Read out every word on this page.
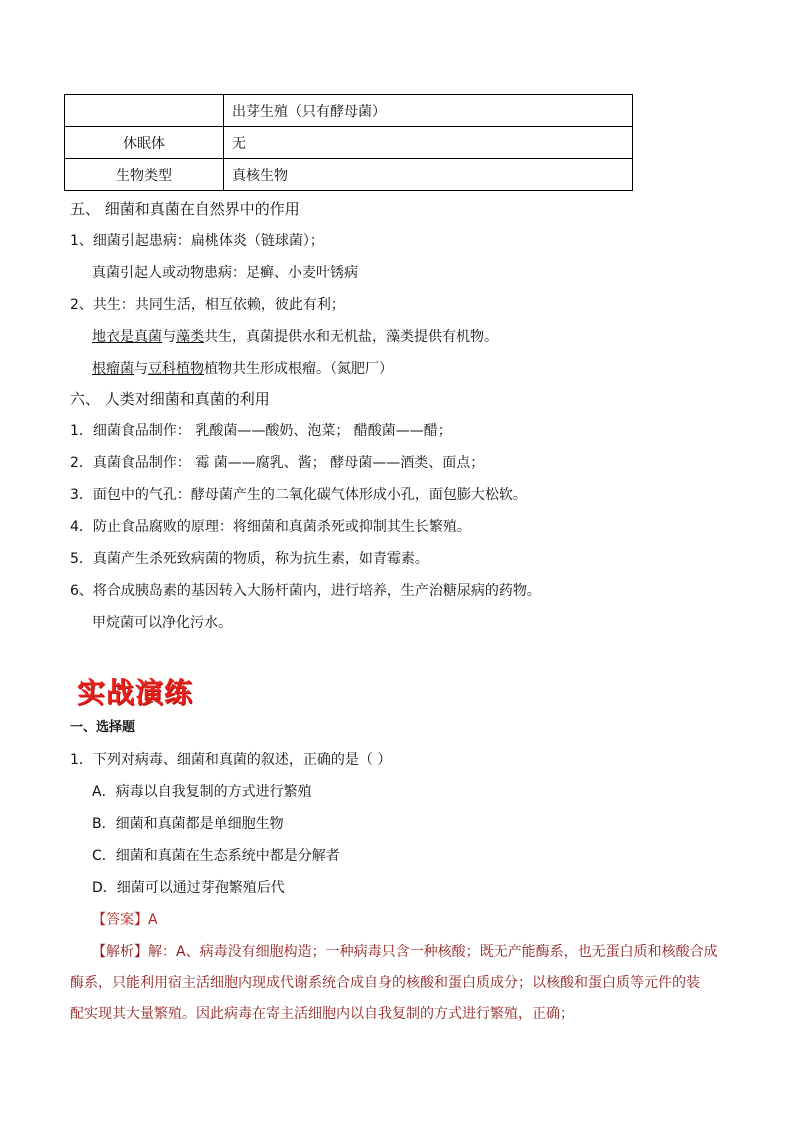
	出芽生殖（只有酵母菌）
休眠体	无
生物类型	真核生物
五、 细菌和真菌在自然界中的作用
1、细菌引起患病：扁桃体炎（链球菌）；
真菌引起人或动物患病：足癣、小麦叶锈病
2、共生：共同生活，相互依赖，彼此有利；
地衣是真菌与藻类共生，真菌提供水和无机盐，藻类提供有机物。
根瘤菌与豆科植物植物共生形成根瘤。（氮肥厂）
六、 人类对细菌和真菌的利用
1．细菌食品制作： 乳酸菌——酸奶、泡菜； 醋酸菌——醋；
2．真菌食品制作： 霉 菌——腐乳、酱； 酵母菌——酒类、面点；
3．面包中的气孔：酵母菌产生的二氧化碳气体形成小孔，面包膨大松软。
4．防止食品腐败的原理：将细菌和真菌杀死或抑制其生长繁殖。
5．真菌产生杀死致病菌的物质，称为抗生素，如青霉素。
6、将合成胰岛素的基因转入大肠杆菌内，进行培养，生产治糖尿病的药物。
甲烷菌可以净化污水。
实战演练
一、选择题
1．下列对病毒、细菌和真菌的叙述，正确的是（ ）
A．病毒以自我复制的方式进行繁殖
B．细菌和真菌都是单细胞生物
C．细菌和真菌在生态系统中都是分解者
D．细菌可以通过芽孢繁殖后代
【答案】A
【解析】解：A、病毒没有细胞构造；一种病毒只含一种核酸；既无产能酶系，也无蛋白质和核酸合成
酶系，只能利用宿主活细胞内现成代谢系统合成自身的核酸和蛋白质成分；以核酸和蛋白质等元件的装
配实现其大量繁殖。因此病毒在寄主活细胞内以自我复制的方式进行繁殖，正确；
